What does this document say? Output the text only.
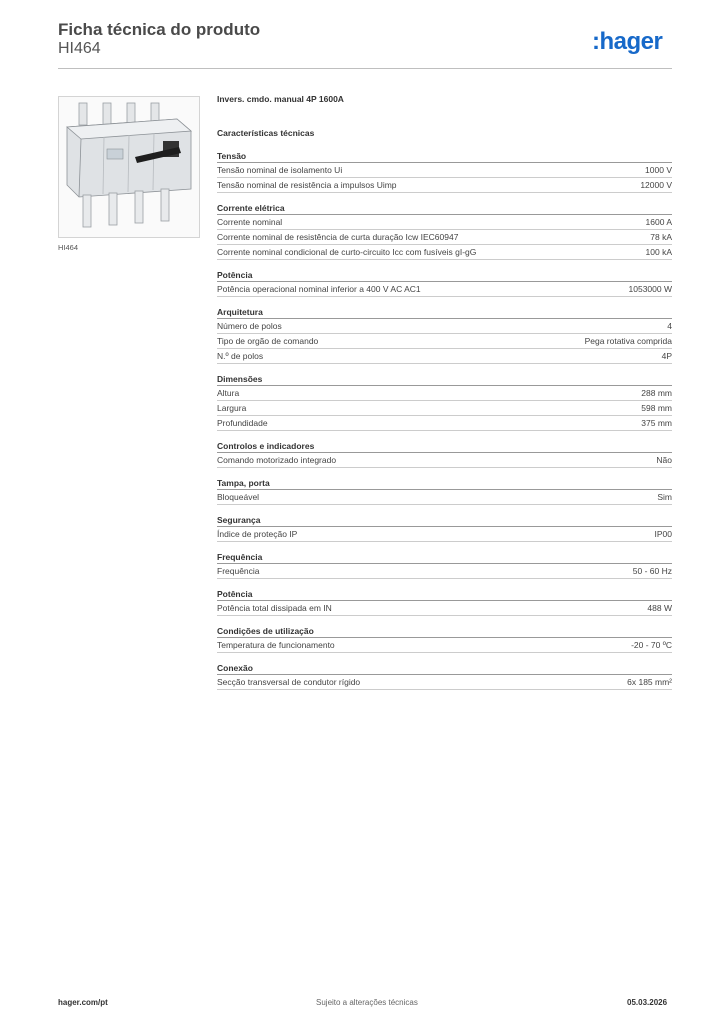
Ficha técnica do produto
HI464	:hager
HI464
Invers. cmdo. manual 4P 1600A
Características técnicas
Tensão
Tensão nominal de isolamento Ui	1000 V
Tensão nominal de resistência a impulsos Uimp	12000 V
Corrente elétrica
Corrente nominal	1600 A
Corrente nominal de resistência de curta duração Icw IEC60947	78 kA
Corrente nominal condicional de curto-circuito Icc com fusíveis gI-gG	100 kA
Potência
Potência operacional nominal inferior a 400 V AC AC1	1053000 W
Arquitetura
Número de polos	4
Tipo de orgão de comando	Pega rotativa comprida
N.º de polos	4P
Dimensões
Altura	288 mm
Largura	598 mm
Profundidade	375 mm
Controlos e indicadores
Comando motorizado integrado	Não
Tampa, porta
Bloqueável	Sim
Segurança
Índice de proteção IP	IP00
Frequência
Frequência	50 - 60 Hz
Potência
Potência total dissipada em IN	488 W
Condições de utilização
Temperatura de funcionamento	-20 - 70 ºC
Conexão
Secção transversal de condutor rígido	6x 185 mm²
hager.com/pt	Sujeito a alterações técnicas	05.03.2026
